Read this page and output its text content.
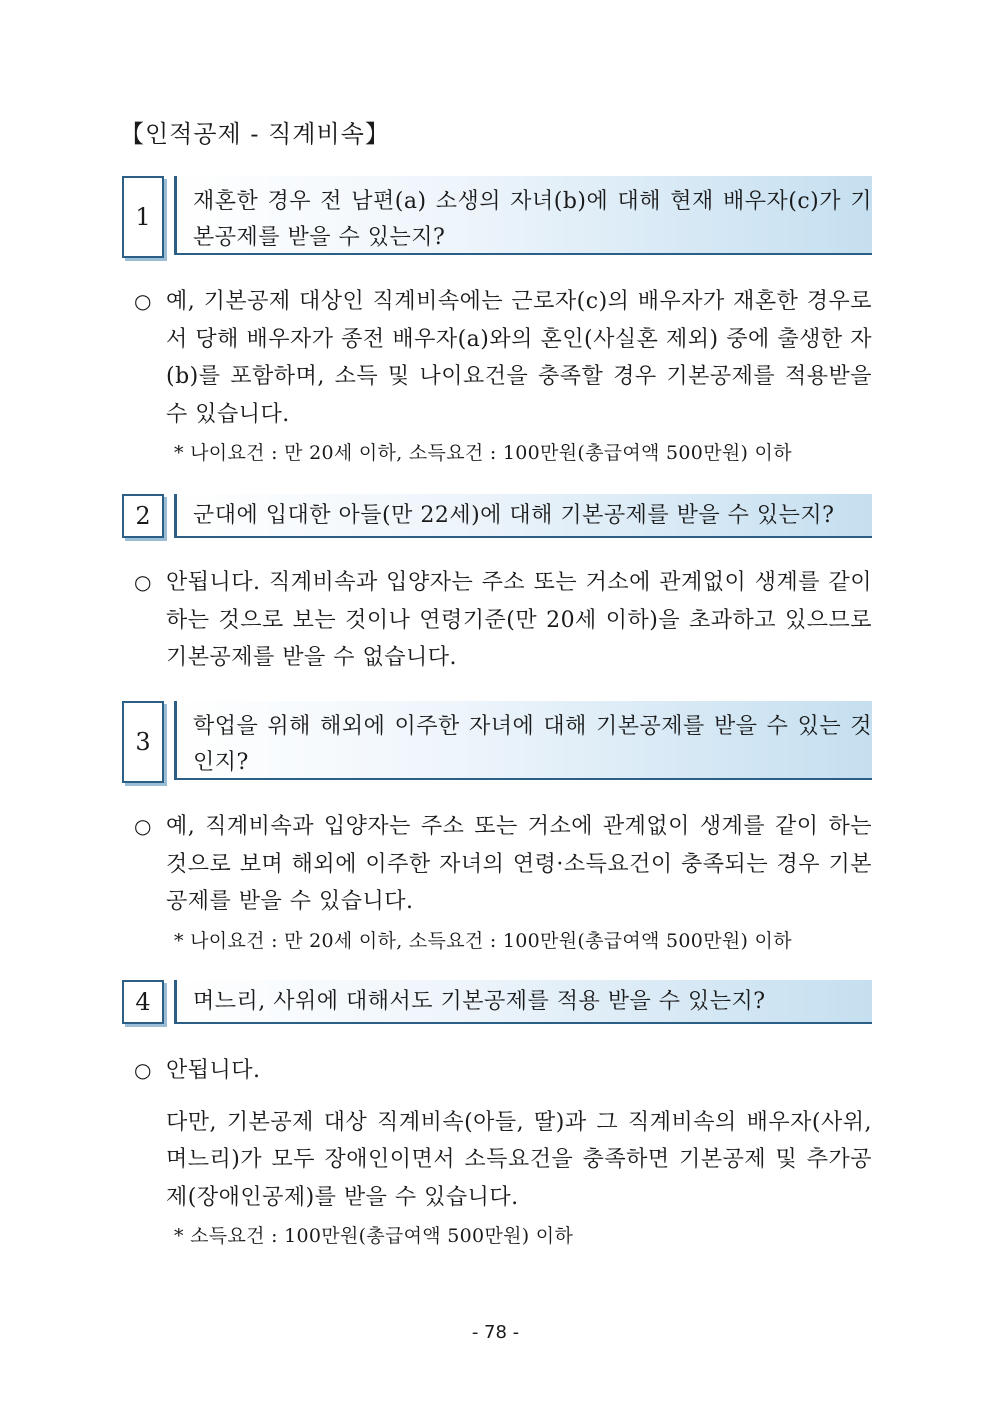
【인적공제 - 직계비속】
1
재혼한 경우 전 남편(a) 소생의 자녀(b)에 대해 현재 배우자(c)가 기본공제를 받을 수 있는지?
○ 예, 기본공제 대상인 직계비속에는 근로자(c)의 배우자가 재혼한 경우로서 당해 배우자가 종전 배우자(a)와의 혼인(사실혼 제외) 중에 출생한 자(b)를 포함하며, 소득 및 나이요건을 충족할 경우 기본공제를 적용받을 수 있습니다.
* 나이요건 : 만 20세 이하, 소득요건 : 100만원(총급여액 500만원) 이하
2	군대에 입대한 아들(만 22세)에 대해 기본공제를 받을 수 있는지?
○ 안됩니다. 직계비속과 입양자는 주소 또는 거소에 관계없이 생계를 같이하는 것으로 보는 것이나 연령기준(만 20세 이하)을 초과하고 있으므로 기본공제를 받을 수 없습니다.
3
학업을 위해 해외에 이주한 자녀에 대해 기본공제를 받을 수 있는 것인지?
○ 예, 직계비속과 입양자는 주소 또는 거소에 관계없이 생계를 같이 하는 것으로 보며 해외에 이주한 자녀의 연령·소득요건이 충족되는 경우 기본공제를 받을 수 있습니다.
* 나이요건 : 만 20세 이하, 소득요건 : 100만원(총급여액 500만원) 이하
4	며느리, 사위에 대해서도 기본공제를 적용 받을 수 있는지?
○ 안됩니다.
다만, 기본공제 대상 직계비속(아들, 딸)과 그 직계비속의 배우자(사위, 며느리)가 모두 장애인이면서 소득요건을 충족하면 기본공제 및 추가공제(장애인공제)를 받을 수 있습니다.
* 소득요건 : 100만원(총급여액 500만원) 이하
- 78 -
